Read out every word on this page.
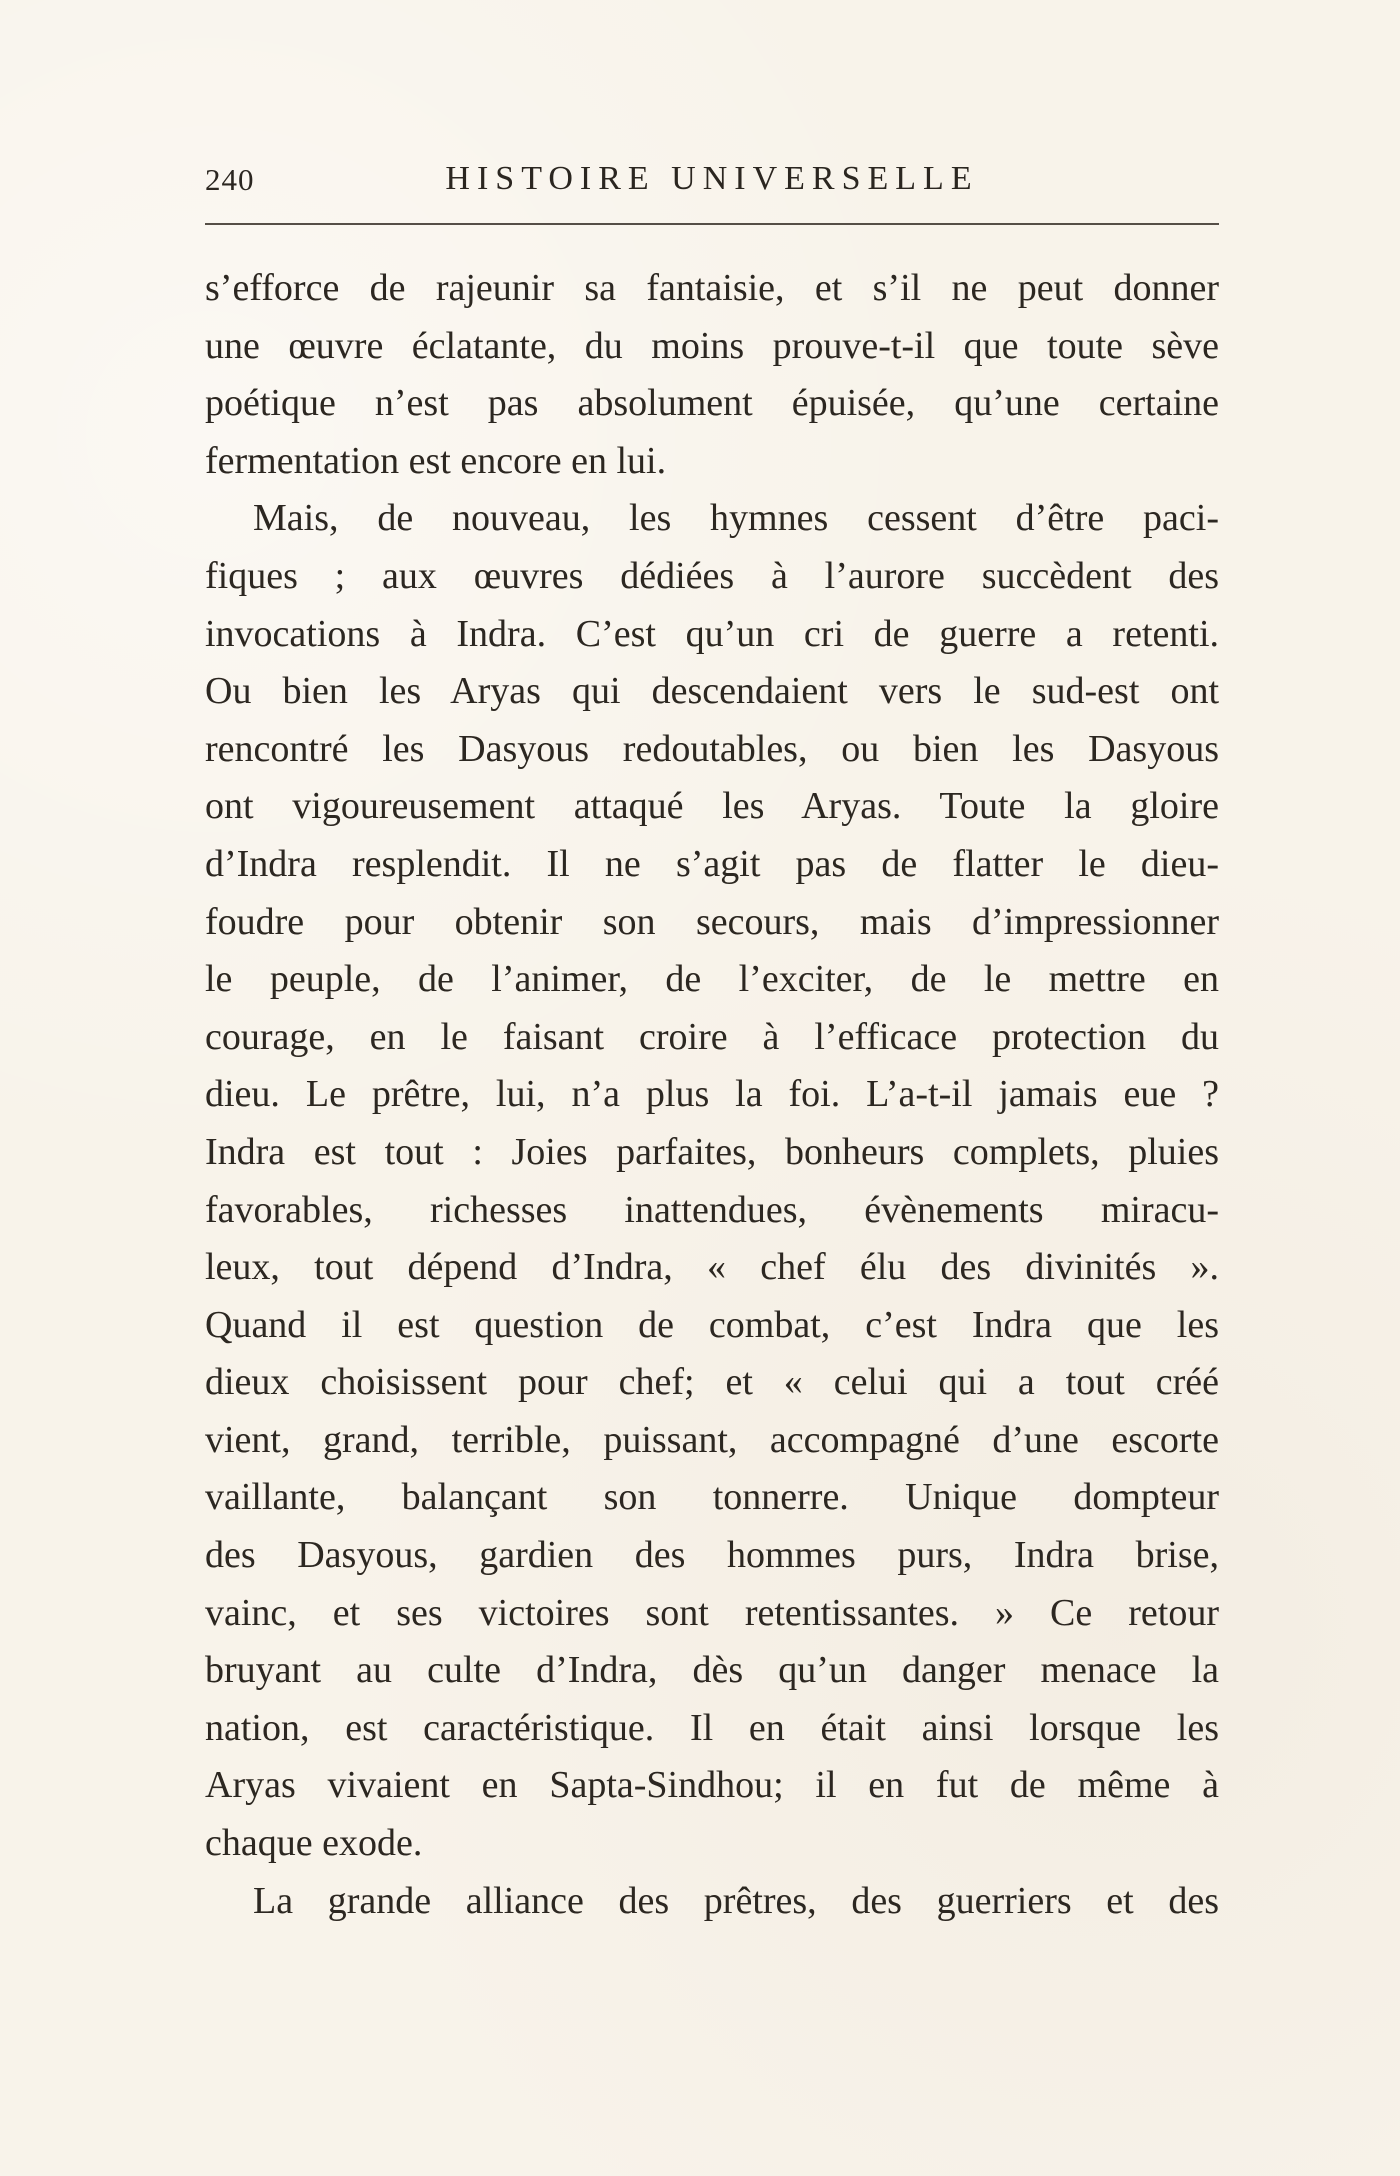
240	HISTOIRE UNIVERSELLE
s’efforce de rajeunir sa fantaisie, et s’il ne peut donner
une œuvre éclatante, du moins prouve-t-il que toute sève
poétique n’est pas absolument épuisée, qu’une certaine
fermentation est encore en lui.
Mais, de nouveau, les hymnes cessent d’être paci-
fiques ; aux œuvres dédiées à l’aurore succèdent des
invocations à Indra. C’est qu’un cri de guerre a retenti.
Ou bien les Aryas qui descendaient vers le sud-est ont
rencontré les Dasyous redoutables, ou bien les Dasyous
ont vigoureusement attaqué les Aryas. Toute la gloire
d’Indra resplendit. Il ne s’agit pas de flatter le dieu-
foudre pour obtenir son secours, mais d’impressionner
le peuple, de l’animer, de l’exciter, de le mettre en
courage, en le faisant croire à l’efficace protection du
dieu. Le prêtre, lui, n’a plus la foi. L’a-t-il jamais eue ?
Indra est tout : Joies parfaites, bonheurs complets, pluies
favorables, richesses inattendues, évènements miracu-
leux, tout dépend d’Indra, « chef élu des divinités ».
Quand il est question de combat, c’est Indra que les
dieux choisissent pour chef; et « celui qui a tout créé
vient, grand, terrible, puissant, accompagné d’une escorte
vaillante, balançant son tonnerre. Unique dompteur
des Dasyous, gardien des hommes purs, Indra brise,
vainc, et ses victoires sont retentissantes. » Ce retour
bruyant au culte d’Indra, dès qu’un danger menace la
nation, est caractéristique. Il en était ainsi lorsque les
Aryas vivaient en Sapta-Sindhou; il en fut de même à
chaque exode.
La grande alliance des prêtres, des guerriers et des
